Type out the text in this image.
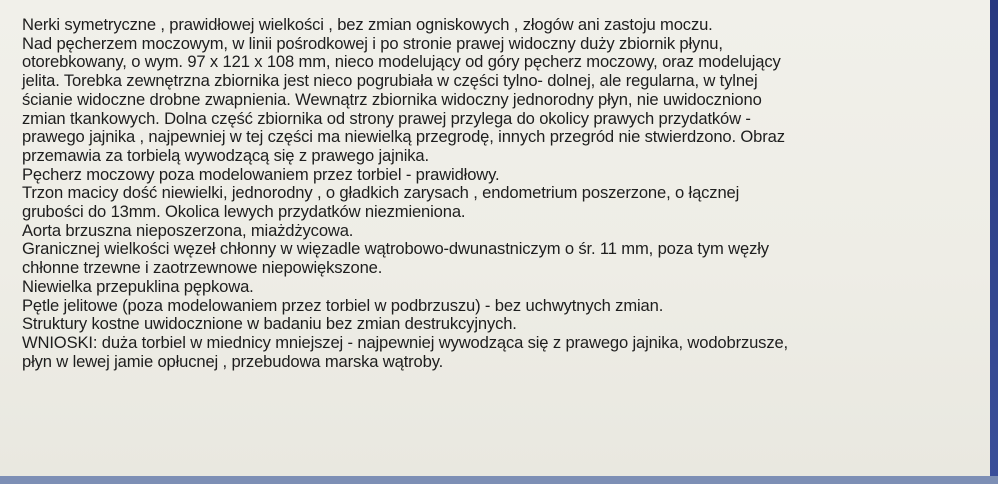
Nerki symetryczne , prawidłowej wielkości , bez zmian ogniskowych , złogów ani zastoju moczu.
Nad pęcherzem moczowym, w linii pośrodkowej i po stronie prawej widoczny duży zbiornik płynu,
otorebkowany, o wym. 97 x 121 x 108 mm, nieco modelujący od góry pęcherz moczowy, oraz modelujący
jelita. Torebka zewnętrzna zbiornika jest nieco pogrubiała w części tylno- dolnej, ale regularna, w tylnej
ścianie widoczne drobne zwapnienia. Wewnątrz zbiornika widoczny jednorodny płyn, nie uwidoczniono
zmian tkankowych. Dolna część zbiornika od strony prawej przylega do okolicy prawych przydatków -
prawego jajnika , najpewniej w tej części ma niewielką przegrodę, innych przegród nie stwierdzono. Obraz
przemawia za torbielą wywodzącą się z prawego jajnika.
Pęcherz moczowy poza modelowaniem przez torbiel - prawidłowy.
Trzon macicy dość niewielki, jednorodny , o gładkich zarysach , endometrium poszerzone, o łącznej
grubości do 13mm. Okolica lewych przydatków niezmieniona.
Aorta brzuszna nieposzerzona, miażdżycowa.
Granicznej wielkości węzeł chłonny w więzadle wątrobowo-dwunastniczym o śr. 11 mm, poza tym węzły
chłonne trzewne i zaotrzewnowe niepowiększone.
Niewielka przepuklina pępkowa.
Pętle jelitowe (poza modelowaniem przez torbiel w podbrzuszu) - bez uchwytnych zmian.
Struktury kostne uwidocznione w badaniu bez zmian destrukcyjnych.
WNIOSKI: duża torbiel w miednicy mniejszej - najpewniej wywodząca się z prawego jajnika, wodobrzusze,
płyn w lewej jamie opłucnej , przebudowa marska wątroby.
